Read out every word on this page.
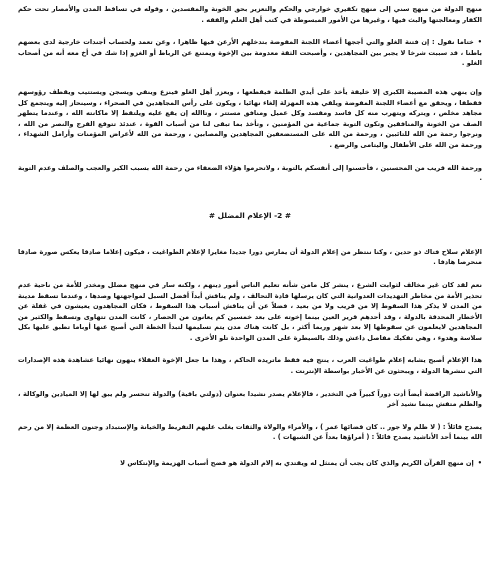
منهج الدولة من منهج سني إلى منهج تكفيري خوارجي والحكم والتعزير بحق الخونة والمفسدين ، وقوله في تساقط المدن والأمصار تحت حكم الكفار ومعالجتها والبث فيها ، وغيرها من الأمور المبسوطة في كتب أهل العلم والفقه .

• ختاما نقول : إن فتنة الغلو والتي أججها أعضاء اللجنة المفوضة بتدخلهم الأرعن فيها ظاهرا ، وعن تعمد ولحساب أجندات خارجية لدى بعضهم باطنا ، قد سببت شرخا لا يجبر بين المجاهدين ، وأصبحت الثقة معدومة بين الإخوة ويمتنع عن الرباط أو الغزو إذا شك في أخ معه أنه من أصحاب الغلو .

وإن ينهي هذه المصيبة الكبرى إلا خليفة يأخذ على أيدي الظلمة فيقطعها ، ويعزر أهل الغلو فينزع وينفي ويسجن ويستتيب ويقطف رؤوسهم فقطفا ، ويحقق مع أعضاء اللجنة المفوضة ويلقي هذه المهزلة إلغاء نهائيا ، ويكون على رأس المجاهدين في الصحراء ، وسينحاز إليه ويتجمع كل مجاهد مخلص ، ويتركه ويتهرب منه كل فاسد ومفسد وكل عميل ومنافق مستتر ، وتاالله إن يقع عليه ويلتقط إلا ماكانته الله ، وعندما يتطهر الصف من الخونة والمنافقين وتكون التوبة جماعية من المؤمنين ، وتأخذ بما تبقى لنا من أسباب القوة ، عندئذ تتوقع الفرج والنصر من الله ، ونرجوا رحمة من الله للتائبين ، ورحمة من الله على المستضعفين المجاهدين والمصابين ، ورحمة من الله لأعراض المؤمنات وأرامل الشهداء ، ورحمة من الله على الأطفال واليتامى والرضع .

ورحمة الله قريب من المحسنين ، فأحسنوا إلى أنفسكم بالتوبة ، ولاتحرموا هؤلاء الضعفاء من رحمة الله بسبب الكبر والعجب والصلف وعدم التوبة .

# 2- الإعلام المضلل #

الإعلام سلاح فتاك ذو حدين ، وكنا ننتظر من إعلام الدولة أن يمارس دورا جديدا مغايرا لإعلام الطواغيت ، فيكون إعلاما صادقا يعكس صورة صادقا منحرصا هادفا .

نعم لقد كان غير مخالف لثوابت الشرع ، ينشر كل مامن شأنه تعليم الناس أمور دينهم ، ولكنه سار في منهج مضلل ومخدر للأمة من ناحية عدم تحذير الأمة من مخاطر التهديدات العدوانية التي كان يرسلها قادة التحالف ، ولم يناقش أبداً أفضل السبل لمواجهتها وصدها ، وعندما تسقط مدينة من المدن لا يذكر هذا السقوط إلا من قريب ولا من بعيد ، فضلاً عن أن يناقش أسباب هذا السقوط ، فكان المجاهدون يعيشون في غفلة عن الأخطار المحدقة بالدولة ، وقد أحدهم قرير العين بينما إخوته على بعد خمسين كم يعانون من الحصار ، كانت المدن تتهاوى وتسقط والكثير من المجاهدين لايعلمون عن سقوطها إلا بعد شهر وربما أكثر ، بل كانت هناك مدن يتم تسليمها لتبدأ الخطة التي أصبح عنها أوباما تطبق عليها بكل سلاسة وهدوء ، وهي تفكيك مفاصل داعش وذلك بالسيطرة على المدن الواحدة تلو الأخرى .

هذا الإعلام أصبح يشابه إعلام طواغيت العرب ، ينتج فيه فقط ماتريده الحاكم ، وهذا ما جعل الإخوة العقلاء ينهون نهائيا عشاهدة هذه الإصدارات التي تنشرها الدولة ، ويبحثون عن الأخبار بواسطة الإنترنت .

والأناشيد الرافضة أيضاً أدت دوراً كبيراً في التخدير ، فالإعلام يصدر نشيدا بعنوان (دولتي باقية) والدولة تنحسر ولم يبق لها إلا الميادين والوكالة ، والظلم متفش بينما نشيد آخر

يصدح قائلاً : ( لا ظلم ولا جور .. كان قضائها عمر ) ، والأمراء والولاة والثقات يغلب عليهم التفريط والخيانة والإستبداد وجنون العظمة إلا من رحم الله بينما أحد الأناشيد يصدح قائلاً : ( أمراؤها بعداً عن الشبهات ) .

• إن منهج القرآن الكريم والذي كان يجب أن يمتثل له ويقتدي به إلام الدولة هو فضح أسباب الهزيمة والإنتكاس لا
